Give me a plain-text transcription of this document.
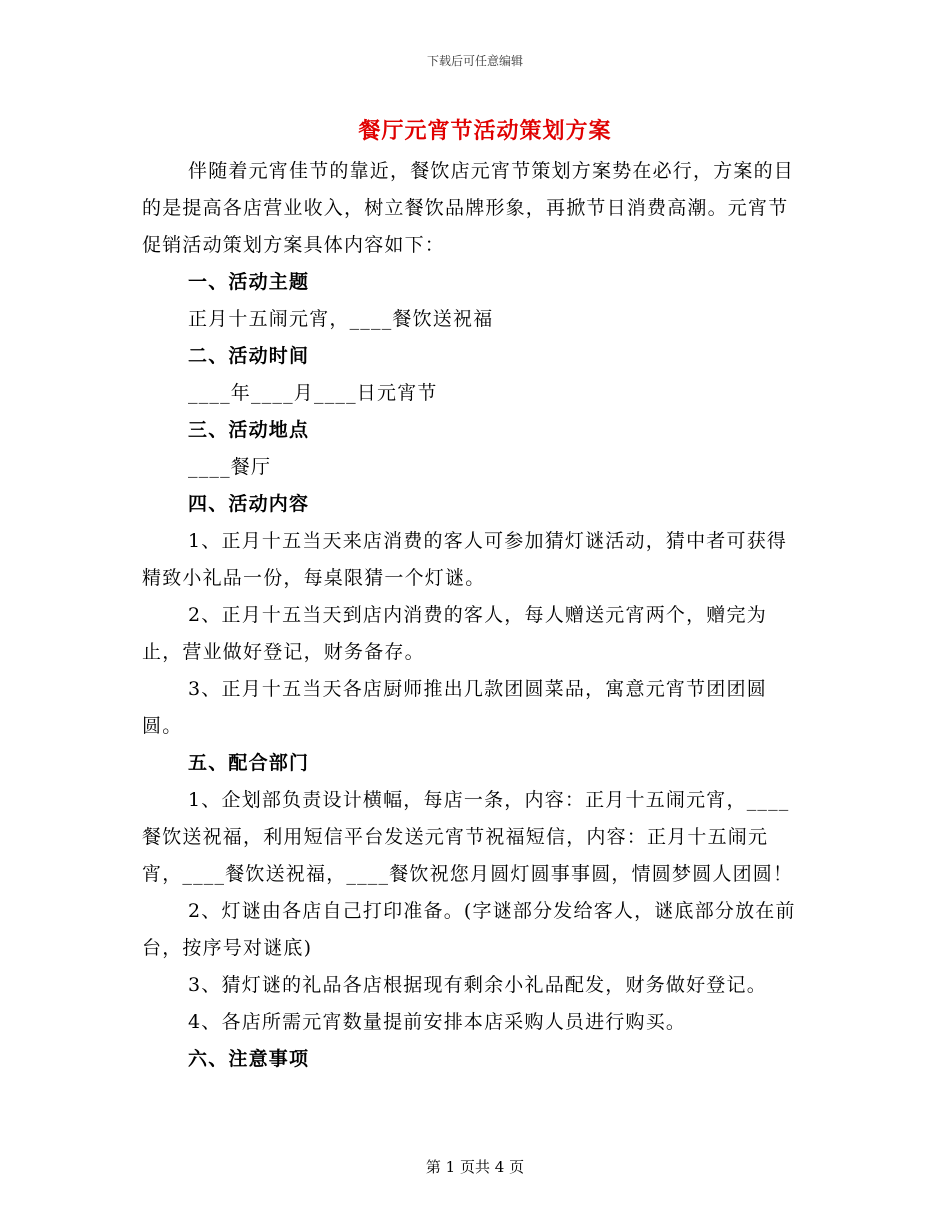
下载后可任意编辑
餐厅元宵节活动策划方案

伴随着元宵佳节的靠近，餐饮店元宵节策划方案势在必行，方案的目的是提高各店营业收入，树立餐饮品牌形象，再掀节日消费高潮。元宵节促销活动策划方案具体内容如下：

一、活动主题

正月十五闹元宵，____餐饮送祝福

二、活动时间

____年____月____日元宵节

三、活动地点

____餐厅

四、活动内容

1、正月十五当天来店消费的客人可参加猜灯谜活动，猜中者可获得精致小礼品一份，每桌限猜一个灯谜。

2、正月十五当天到店内消费的客人，每人赠送元宵两个，赠完为止，营业做好登记，财务备存。

3、正月十五当天各店厨师推出几款团圆菜品，寓意元宵节团团圆圆。

五、配合部门

1、企划部负责设计横幅，每店一条，内容：正月十五闹元宵，____餐饮送祝福，利用短信平台发送元宵节祝福短信，内容：正月十五闹元宵，____餐饮送祝福，____餐饮祝您月圆灯圆事事圆，情圆梦圆人团圆！

2、灯谜由各店自己打印准备。(字谜部分发给客人，谜底部分放在前台，按序号对谜底)

3、猜灯谜的礼品各店根据现有剩余小礼品配发，财务做好登记。

4、各店所需元宵数量提前安排本店采购人员进行购买。

六、注意事项

第 1 页共 4 页
